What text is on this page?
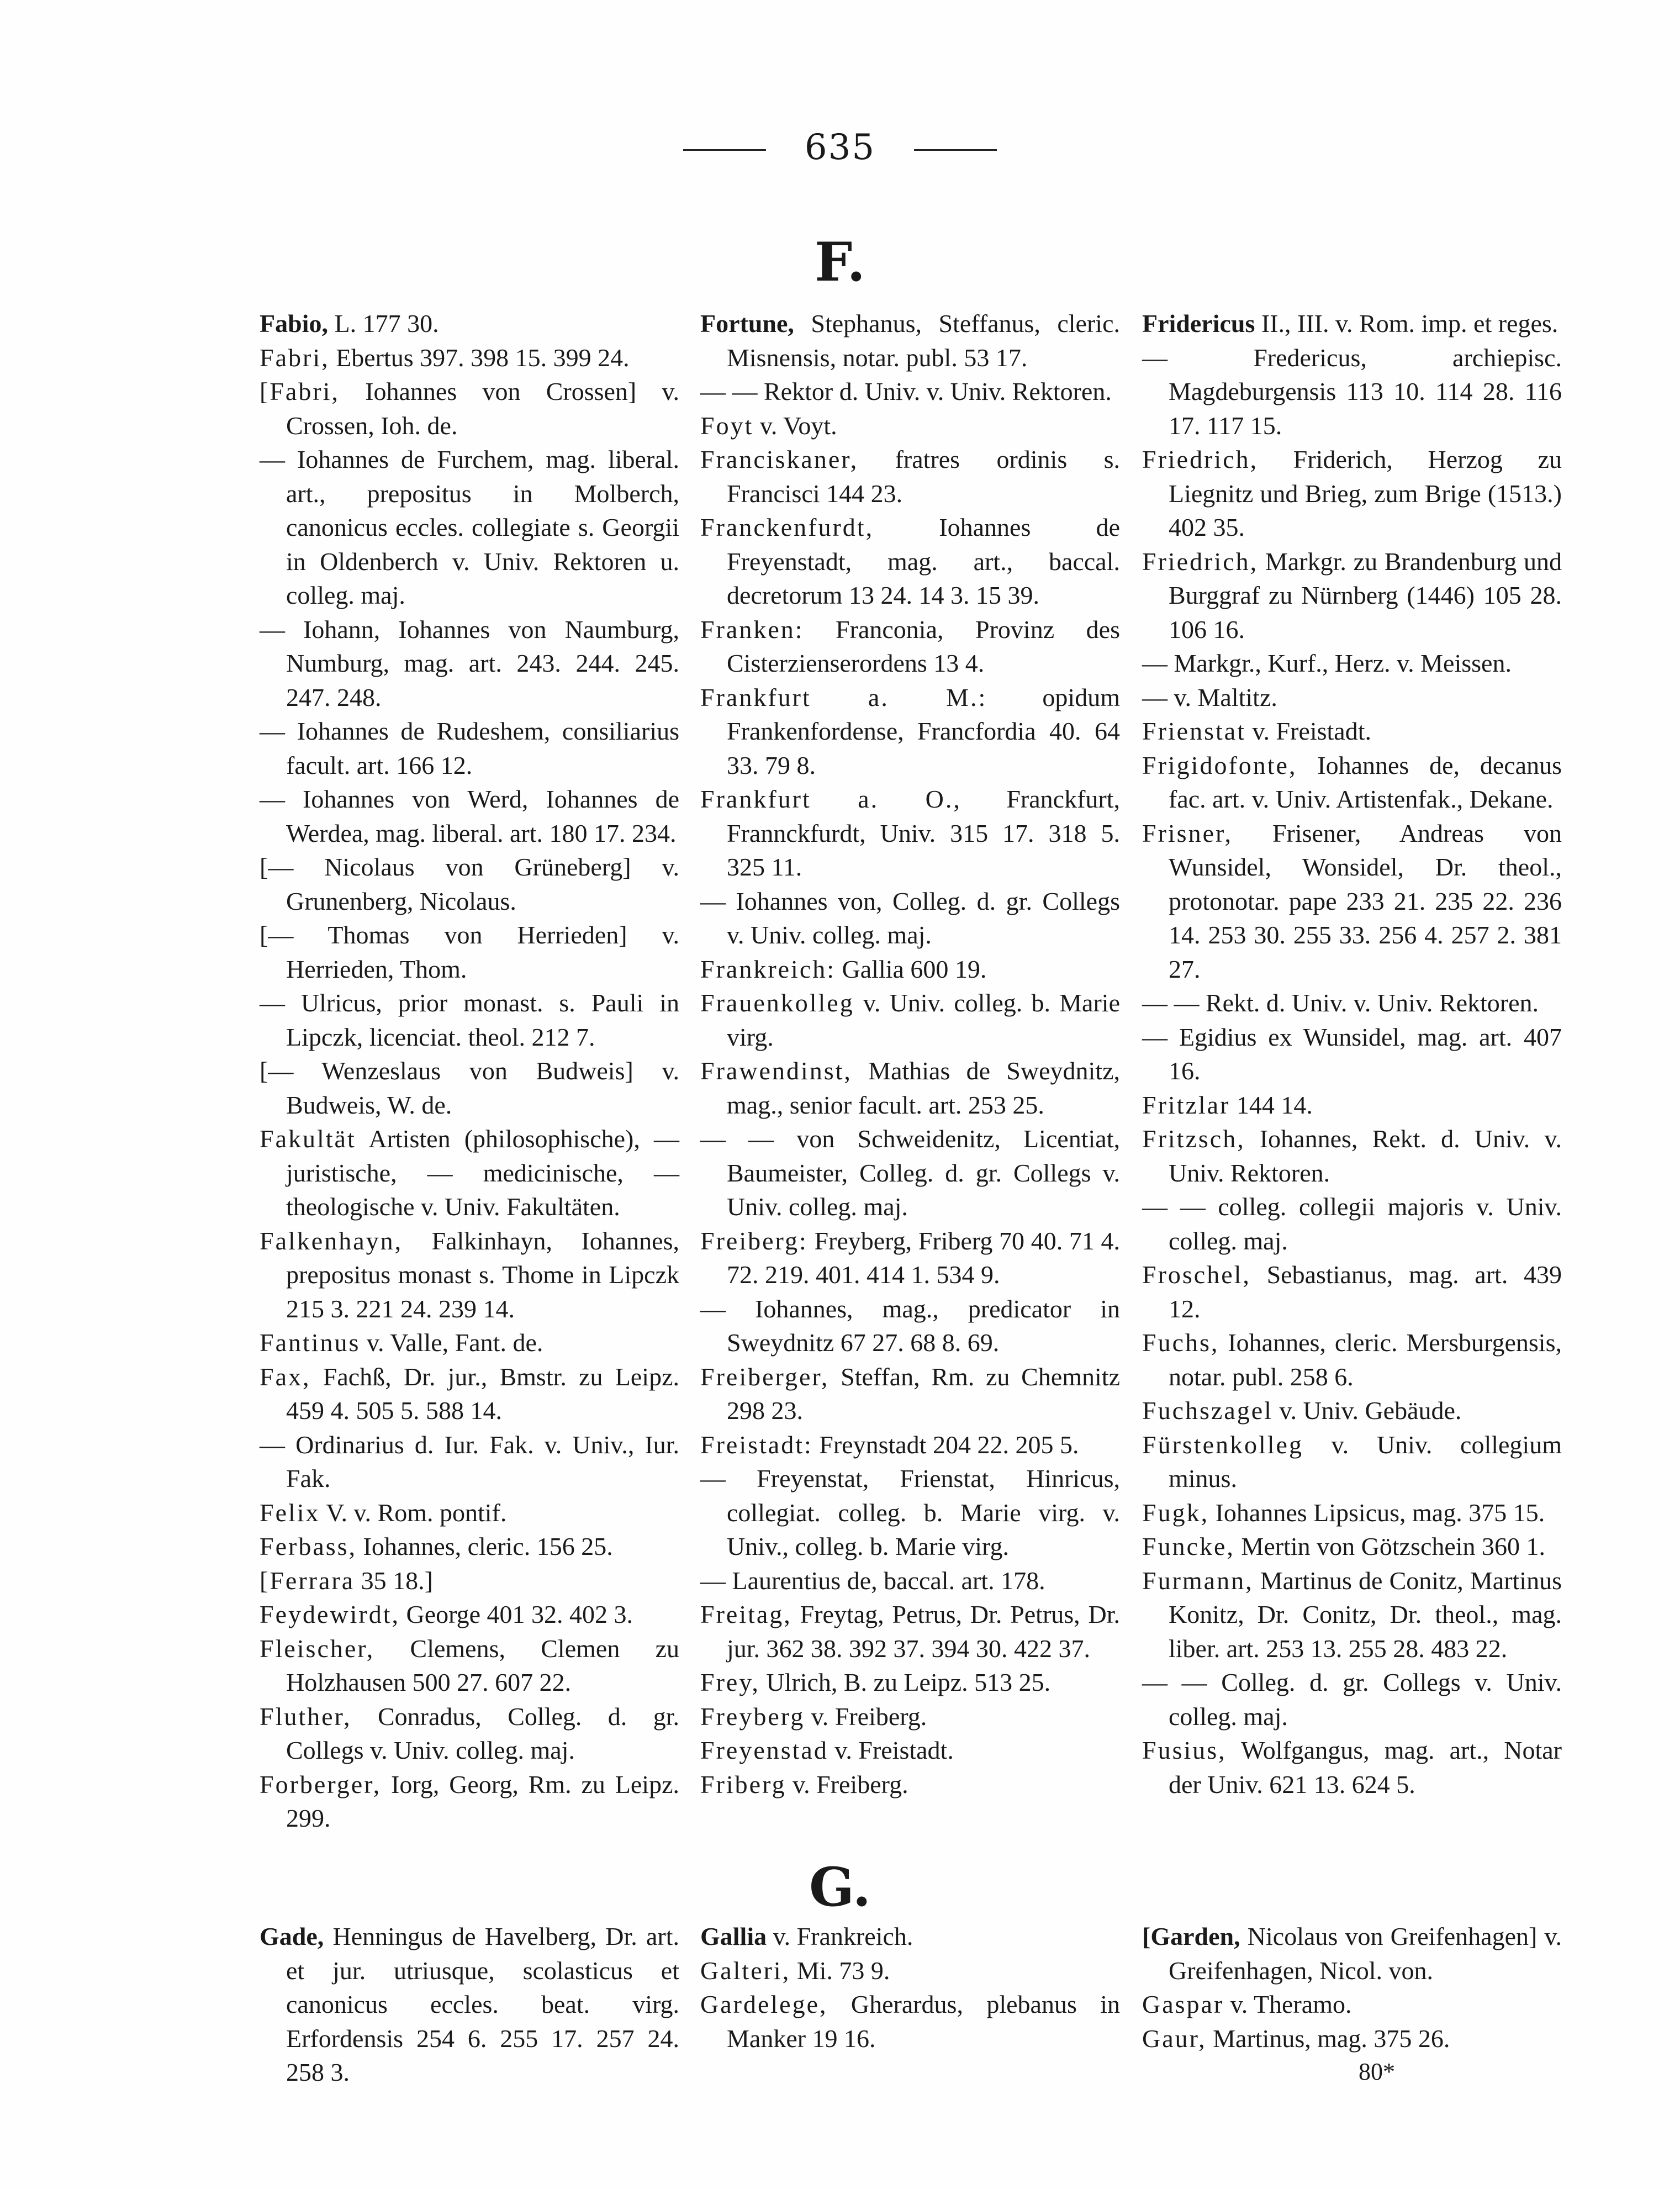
635
F.
Fabio, L. 177 30.
Fabri, Ebertus 397. 398 15. 399 24.
[Fabri, Iohannes von Crossen] v. Crossen, Ioh. de.
— Iohannes de Furchem, mag. liberal. art., prepositus in Molberch, canonicus eccles. collegiate s. Georgii in Oldenberch v. Univ. Rektoren u. colleg. maj.
— Iohann, Iohannes von Naumburg, Numburg, mag. art. 243. 244. 245. 247. 248.
— Iohannes de Rudeshem, consiliarius facult. art. 166 12.
— Iohannes von Werd, Iohannes de Werdea, mag. liberal. art. 180 17. 234.
[— Nicolaus von Grüneberg] v. Grunenberg, Nicolaus.
[— Thomas von Herrieden] v. Herrieden, Thom.
— Ulricus, prior monast. s. Pauli in Lipczk, licenciat. theol. 212 7.
[— Wenzeslaus von Budweis] v. Budweis, W. de.
Fakultät Artisten (philosophische), — juristische, — medicinische, — theologische v. Univ. Fakultäten.
Falkenhayn, Falkinhayn, Iohannes, prepositus monast s. Thome in Lipczk 215 3. 221 24. 239 14.
Fantinus v. Valle, Fant. de.
Fax, Fachß, Dr. jur., Bmstr. zu Leipz. 459 4. 505 5. 588 14.
— Ordinarius d. Iur. Fak. v. Univ., Iur. Fak.
Felix V. v. Rom. pontif.
Ferbass, Iohannes, cleric. 156 25.
[Ferrara 35 18.]
Feydewirdt, George 401 32. 402 3.
Fleischer, Clemens, Clemen zu Holzhausen 500 27. 607 22.
Fluther, Conradus, Colleg. d. gr. Collegs v. Univ. colleg. maj.
Forberger, Iorg, Georg, Rm. zu Leipz. 299.
Fortune, Stephanus, Steffanus, cleric. Misnensis, notar. publ. 53 17.
— — Rektor d. Univ. v. Univ. Rektoren.
Foyt v. Voyt.
Franciskaner, fratres ordinis s. Francisci 144 23.
Franckenfurdt, Iohannes de Freyenstadt, mag. art., baccal. decretorum 13 24. 14 3. 15 39.
Franken: Franconia, Provinz des Cisterzienserordens 13 4.
Frankfurt a. M.: opidum Frankenfordense, Francfordia 40. 64 33. 79 8.
Frankfurt a. O., Franckfurt, Frannckfurdt, Univ. 315 17. 318 5. 325 11.
— Iohannes von, Colleg. d. gr. Collegs v. Univ. colleg. maj.
Frankreich: Gallia 600 19.
Frauenkolleg v. Univ. colleg. b. Marie virg.
Frawendinst, Mathias de Sweydnitz, mag., senior facult. art. 253 25.
— — von Schweidenitz, Licentiat, Baumeister, Colleg. d. gr. Collegs v. Univ. colleg. maj.
Freiberg: Freyberg, Friberg 70 40. 71 4. 72. 219. 401. 414 1. 534 9.
— Iohannes, mag., predicator in Sweydnitz 67 27. 68 8. 69.
Freiberger, Steffan, Rm. zu Chemnitz 298 23.
Freistadt: Freynstadt 204 22. 205 5.
— Freyenstat, Frienstat, Hinricus, collegiat. colleg. b. Marie virg. v. Univ., colleg. b. Marie virg.
— Laurentius de, baccal. art. 178.
Freitag, Freytag, Petrus, Dr. Petrus, Dr. jur. 362 38. 392 37. 394 30. 422 37.
Frey, Ulrich, B. zu Leipz. 513 25.
Freyberg v. Freiberg.
Freyenstad v. Freistadt.
Friberg v. Freiberg.
Fridericus II., III. v. Rom. imp. et reges.
— Fredericus, archiepisc. Magdeburgensis 113 10. 114 28. 116 17. 117 15.
Friedrich, Friderich, Herzog zu Liegnitz und Brieg, zum Brige (1513.) 402 35.
Friedrich, Markgr. zu Brandenburg und Burggraf zu Nürnberg (1446) 105 28. 106 16.
— Markgr., Kurf., Herz. v. Meissen.
— v. Maltitz.
Frienstat v. Freistadt.
Frigidofonte, Iohannes de, decanus fac. art. v. Univ. Artistenfak., Dekane.
Frisner, Frisener, Andreas von Wunsidel, Wonsidel, Dr. theol., protonotar. pape 233 21. 235 22. 236 14. 253 30. 255 33. 256 4. 257 2. 381 27.
— — Rekt. d. Univ. v. Univ. Rektoren.
— Egidius ex Wunsidel, mag. art. 407 16.
Fritzlar 144 14.
Fritzsch, Iohannes, Rekt. d. Univ. v. Univ. Rektoren.
— — colleg. collegii majoris v. Univ. colleg. maj.
Froschel, Sebastianus, mag. art. 439 12.
Fuchs, Iohannes, cleric. Mersburgensis, notar. publ. 258 6.
Fuchszagel v. Univ. Gebäude.
Fürstenkolleg v. Univ. collegium minus.
Fugk, Iohannes Lipsicus, mag. 375 15.
Funcke, Mertin von Götzschein 360 1.
Furmann, Martinus de Conitz, Martinus Konitz, Dr. Conitz, Dr. theol., mag. liber. art. 253 13. 255 28. 483 22.
— — Colleg. d. gr. Collegs v. Univ. colleg. maj.
Fusius, Wolfgangus, mag. art., Notar der Univ. 621 13. 624 5.
G.
Gade, Henningus de Havelberg, Dr. art. et jur. utriusque, scolasticus et canonicus eccles. beat. virg. Erfordensis 254 6. 255 17. 257 24. 258 3.
Gallia v. Frankreich.
Galteri, Mi. 73 9.
Gardelege, Gherardus, plebanus in Manker 19 16.
[Garden, Nicolaus von Greifenhagen] v. Greifenhagen, Nicol. von.
Gaspar v. Theramo.
Gaur, Martinus, mag. 375 26.
80*
